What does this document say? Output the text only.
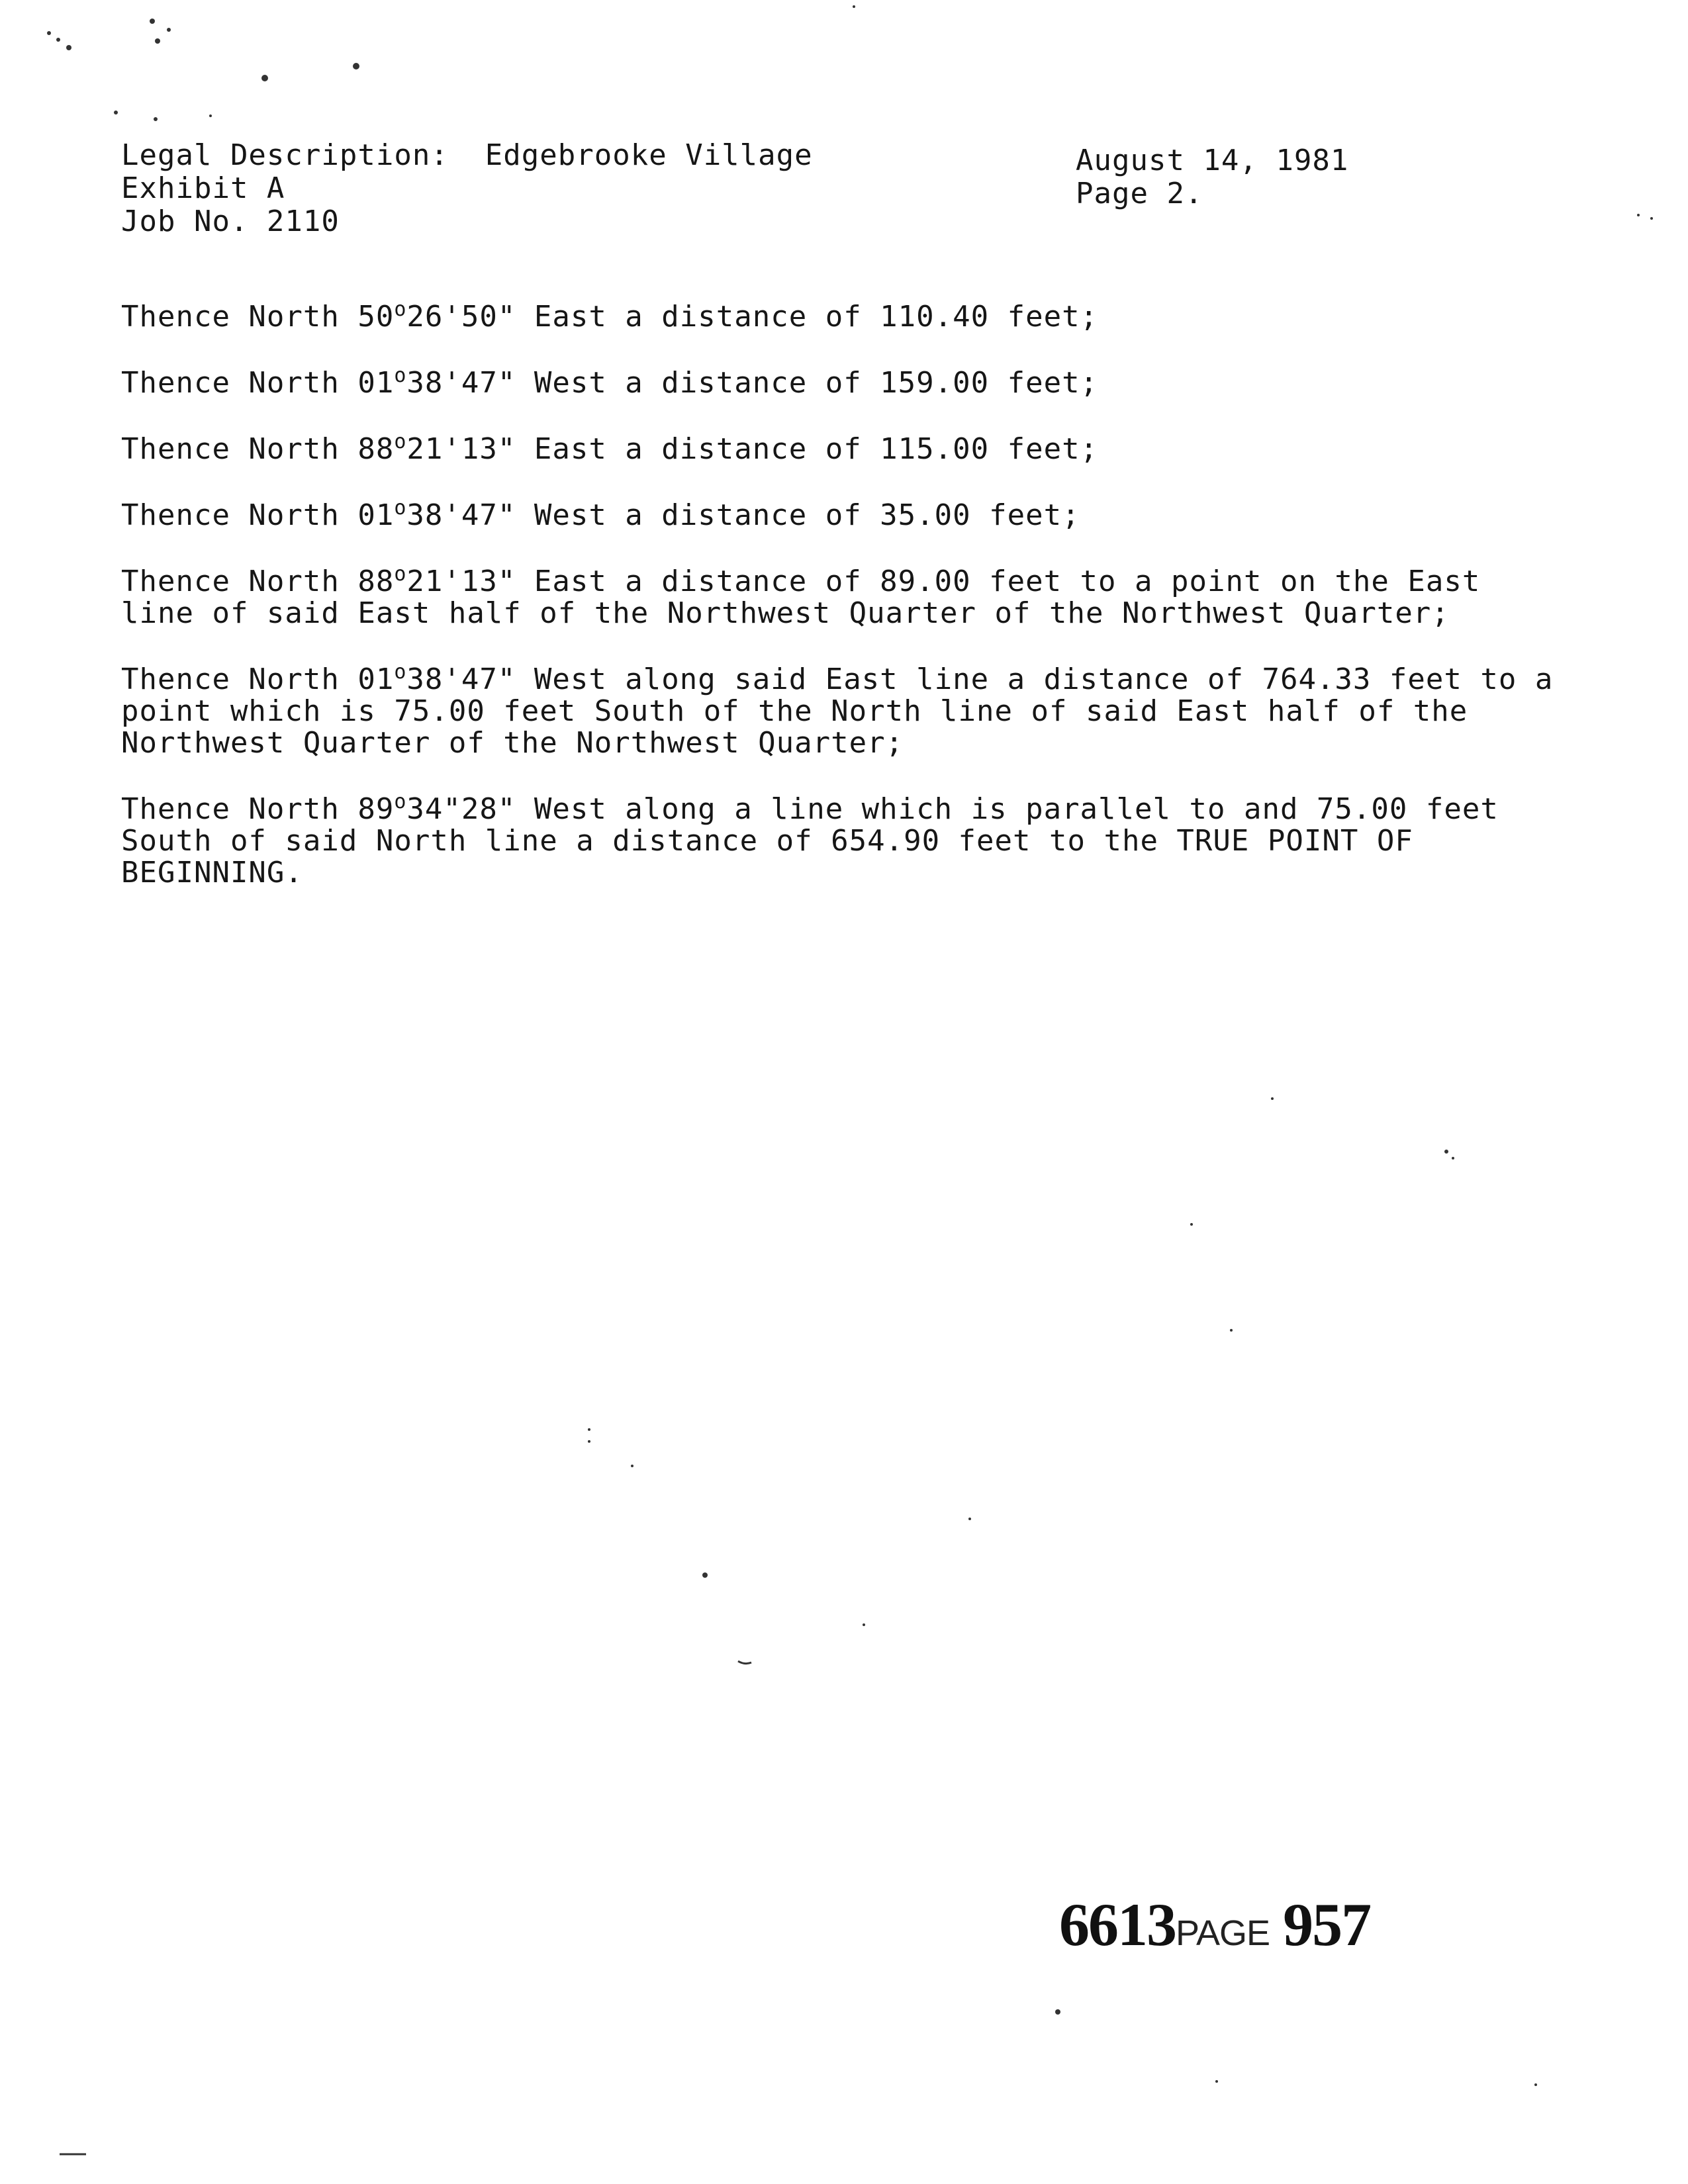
Legal Description:  Edgebrooke Village
Exhibit A
Job No. 2110
August 14, 1981
Page 2.

Thence North 50$^o$26'50" East a distance of 110.40 feet;

Thence North 01$^o$38'47" West a distance of 159.00 feet;

Thence North 88$^o$21'13" East a distance of 115.00 feet;

Thence North 01$^o$38'47" West a distance of 35.00 feet;

Thence North 88$^o$21'13" East a distance of 89.00 feet to a point on the East line of said East half of the Northwest Quarter of the Northwest Quarter;

Thence North 01$^o$38'47" West along said East line a distance of 764.33 feet to a point which is 75.00 feet South of the North line of said East half of the Northwest Quarter of the Northwest Quarter;

Thence North 89$^o$34"28" West along a line which is parallel to and 75.00 feet South of said North line a distance of 654.90 feet to the TRUE POINT OF BEGINNING.

6613PAGE 957
